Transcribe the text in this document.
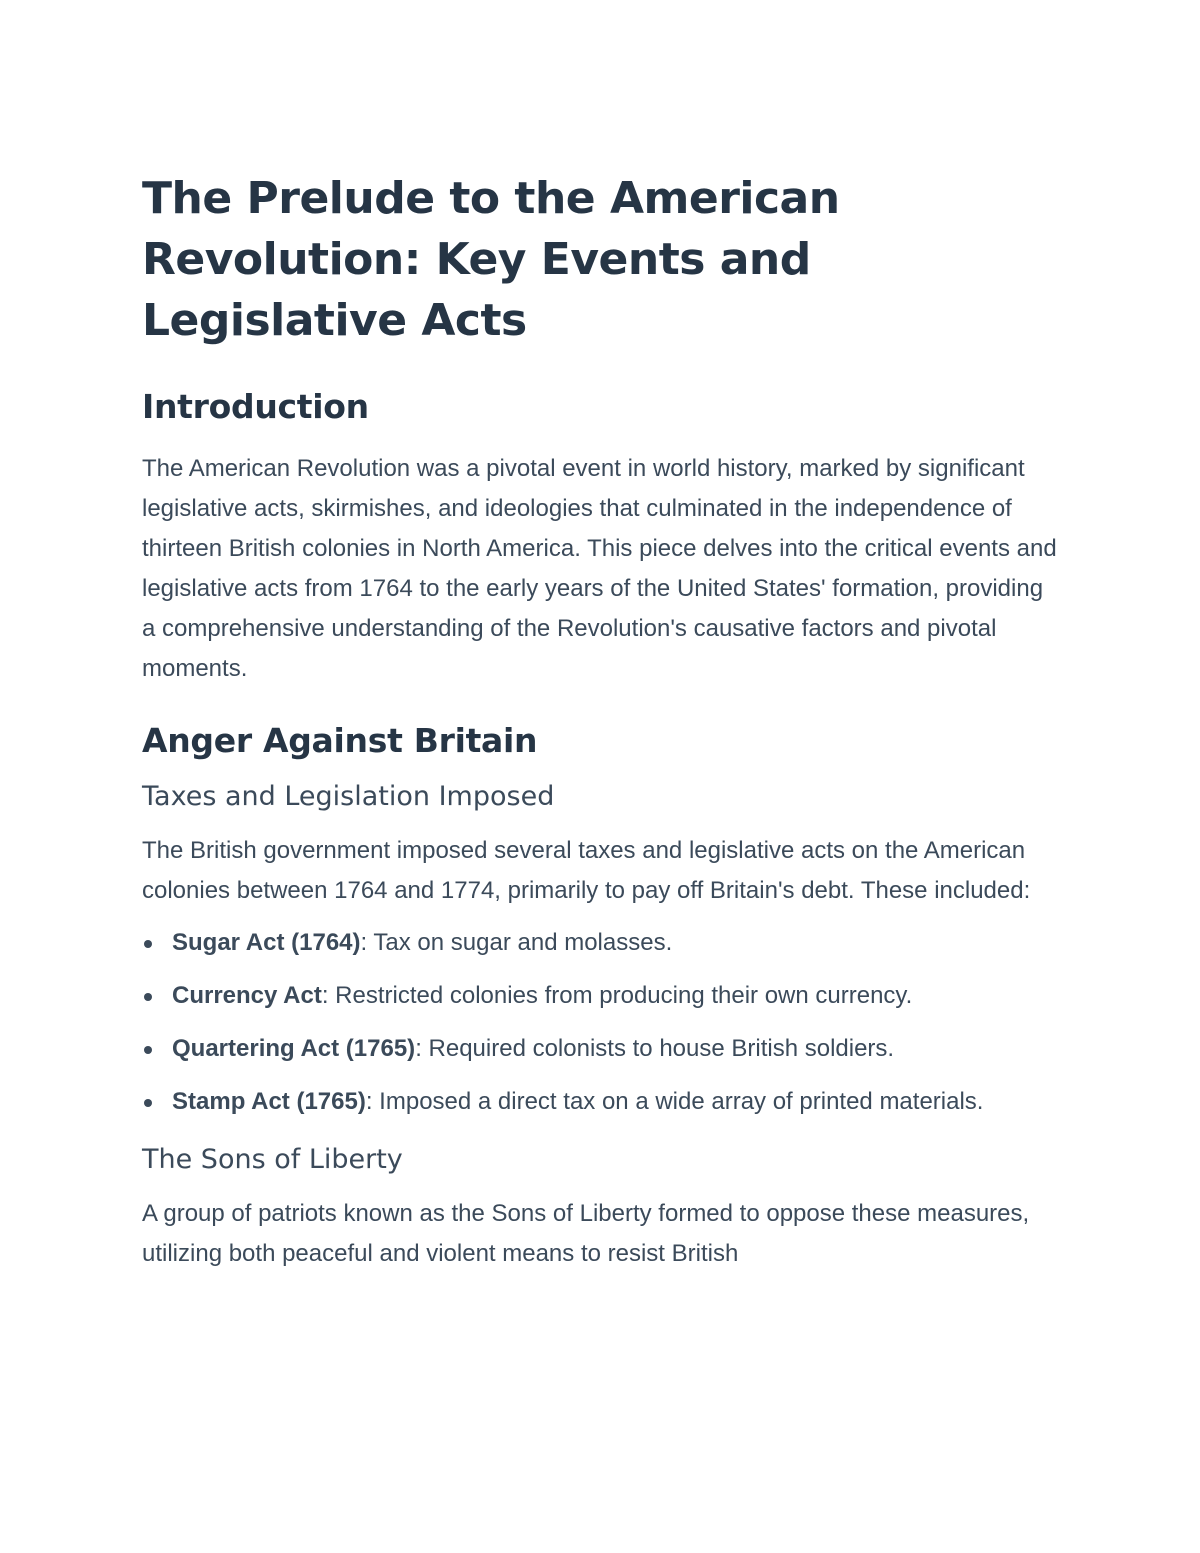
The Prelude to the American Revolution: Key Events and Legislative Acts
Introduction

The American Revolution was a pivotal event in world history, marked by significant legislative acts, skirmishes, and ideologies that culminated in the independence of thirteen British colonies in North America. This piece delves into the critical events and legislative acts from 1764 to the early years of the United States' formation, providing a comprehensive understanding of the Revolution's causative factors and pivotal moments.

Anger Against Britain
Taxes and Legislation Imposed

The British government imposed several taxes and legislative acts on the American colonies between 1764 and 1774, primarily to pay off Britain's debt. These included:

Sugar Act (1764): Tax on sugar and molasses.
Currency Act: Restricted colonies from producing their own currency.
Quartering Act (1765): Required colonists to house British soldiers.
Stamp Act (1765): Imposed a direct tax on a wide array of printed materials.
The Sons of Liberty

A group of patriots known as the Sons of Liberty formed to oppose these measures, utilizing both peaceful and violent means to resist British
